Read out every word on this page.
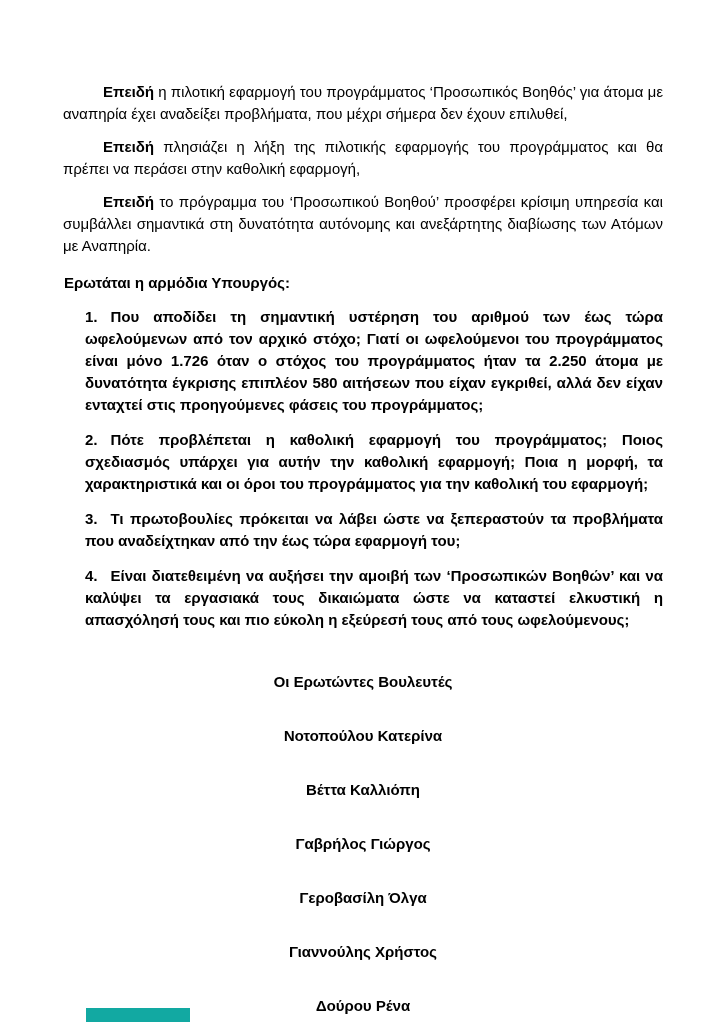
Επειδή η πιλοτική εφαρμογή του προγράμματος ‘Προσωπικός Βοηθός’ για άτομα με αναπηρία έχει αναδείξει προβλήματα, που μέχρι σήμερα δεν έχουν επιλυθεί,

Επειδή πλησιάζει η λήξη της πιλοτικής εφαρμογής του προγράμματος και θα πρέπει να περάσει στην καθολική εφαρμογή,

Επειδή το πρόγραμμα του ‘Προσωπικού Βοηθού’ προσφέρει κρίσιμη υπηρεσία και συμβάλλει σημαντικά στη δυνατότητα αυτόνομης και ανεξάρτητης διαβίωσης των Ατόμων με Αναπηρία.

Ερωτάται η αρμόδια Υπουργός:

1. Που αποδίδει τη σημαντική υστέρηση του αριθμού των έως τώρα ωφελούμενων από τον αρχικό στόχο; Γιατί οι ωφελούμενοι του προγράμματος είναι μόνο 1.726 όταν ο στόχος του προγράμματος ήταν τα 2.250 άτομα με δυνατότητα έγκρισης επιπλέον 580 αιτήσεων που είχαν εγκριθεί, αλλά δεν είχαν ενταχτεί στις προηγούμενες φάσεις του προγράμματος;

2. Πότε προβλέπεται η καθολική εφαρμογή του προγράμματος; Ποιος σχεδιασμός υπάρχει για αυτήν την καθολική εφαρμογή; Ποια η μορφή, τα χαρακτηριστικά και οι όροι του προγράμματος για την καθολική του εφαρμογή;

3. Τι πρωτοβουλίες πρόκειται να λάβει ώστε να ξεπεραστούν τα προβλήματα που αναδείχτηκαν από την έως τώρα εφαρμογή του;

4. Είναι διατεθειμένη να αυξήσει την αμοιβή των ‘Προσωπικών Βοηθών’ και να καλύψει τα εργασιακά τους δικαιώματα ώστε να καταστεί ελκυστική η απασχόλησή τους και πιο εύκολη η εξεύρεσή τους από τους ωφελούμενους;

Οι Ερωτώντες Βουλευτές

Νοτοπούλου Κατερίνα

Βέττα Καλλιόπη

Γαβρήλος Γιώργος

Γεροβασίλη Όλγα

Γιαννούλης Χρήστος

Δούρου Ρένα
